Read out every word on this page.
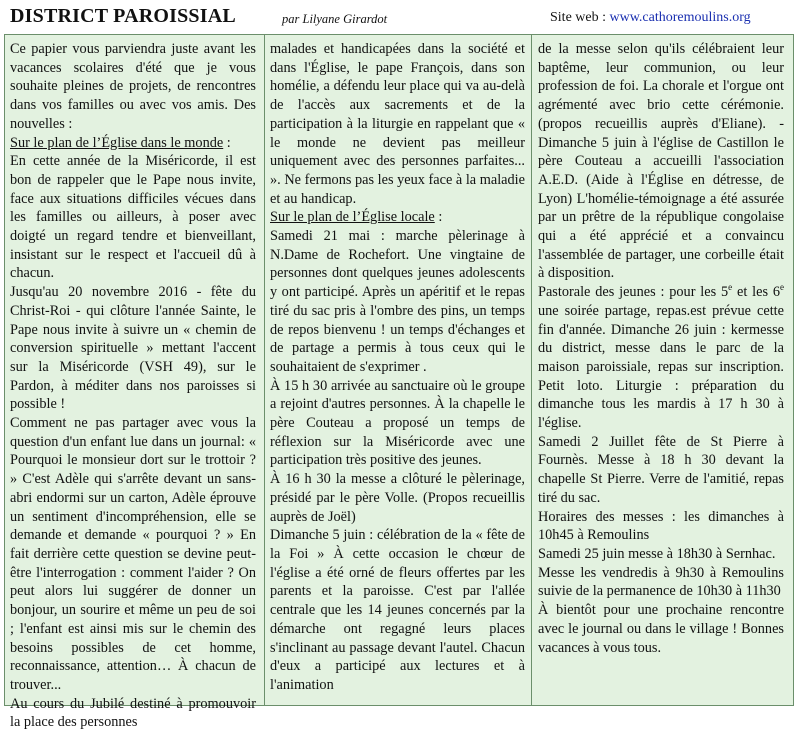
DISTRICT PAROISSIAL	par Lilyane Girardot	Site web : www.cathoremoulins.org

Ce papier vous parviendra juste avant les vacances scolaires d'été que je vous souhaite pleines de projets, de rencontres dans vos familles ou avec vos amis. Des nouvelles :

Sur le plan de l’Église dans le monde :

En cette année de la Miséricorde, il est bon de rappeler que le Pape nous invite, face aux situations difficiles vécues dans les familles ou ailleurs, à poser avec doigté un regard tendre et bienveillant, insistant sur le respect et l'accueil dû à chacun.

Jusqu'au 20 novembre 2016 - fête du Christ-Roi - qui clôture l'année Sainte, le Pape nous invite à suivre un « chemin de conversion spirituelle » mettant l'accent sur la Miséricorde (VSH 49), sur le Pardon, à méditer dans nos paroisses si possible !

Comment ne pas partager avec vous la question d'un enfant lue dans un journal: « Pourquoi le monsieur dort sur le trottoir ? » C'est Adèle qui s'arrête devant un sans-abri endormi sur un carton, Adèle éprouve un sentiment d'incompréhension, elle se demande et demande « pourquoi ? » En fait derrière cette question se devine peut-être l'interrogation : comment l'aider ? On peut alors lui suggérer de donner un bonjour, un sourire et même un peu de soi ; l'enfant est ainsi mis sur le chemin des besoins possibles de cet homme, reconnaissance, attention… À chacun de trouver...

Au cours du Jubilé destiné à promouvoir la place des personnes

malades et handicapées dans la société et dans l'Église, le pape François, dans son homélie, a défendu leur place qui va au-delà de l'accès aux sacrements et de la participation à la liturgie en rappelant que « le monde ne devient pas meilleur uniquement avec des personnes parfaites... ». Ne fermons pas les yeux face à la maladie et au handicap.

Sur le plan de l’Église locale :

Samedi 21 mai : marche pèlerinage à N.Dame de Rochefort. Une vingtaine de personnes dont quelques jeunes adolescents y ont participé. Après un apéritif et le repas tiré du sac pris à l'ombre des pins, un temps de repos bienvenu ! un temps d'échanges et de partage a permis à tous ceux qui le souhaitaient de s'exprimer .

À 15 h 30 arrivée au sanctuaire où le groupe a rejoint d'autres personnes. À la chapelle le père Couteau a proposé un temps de réflexion sur la Miséricorde avec une participation très positive des jeunes.

À 16 h 30 la messe a clôturé le pèlerinage, présidé par le père Volle. (Propos recueillis auprès de Joël)

Dimanche 5 juin : célébration de la « fête de la Foi » À cette occasion le chœur de l'église a été orné de fleurs offertes par les parents et la paroisse. C'est par l'allée centrale que les 14 jeunes concernés par la démarche ont regagné leurs places s'inclinant au passage devant l'autel. Chacun d'eux a participé aux lectures et à l'animation

de la messe selon qu'ils célébraient leur baptême, leur communion, ou leur profession de foi. La chorale et l'orgue ont agrémenté avec brio cette cérémonie. (propos recueillis auprès d'Eliane). - Dimanche 5 juin à l'église de Castillon le père Couteau a accueilli l'association A.E.D. (Aide à l'Église en détresse, de Lyon) L'homélie-témoignage a été assurée par un prêtre de la république congolaise qui a été apprécié et a convaincu l'assemblée de partager, une corbeille était à disposition.

Pastorale des jeunes : pour les 5e et les 6e une soirée partage, repas.est prévue cette fin d'année. Dimanche 26 juin : kermesse du district, messe dans le parc de la maison paroissiale, repas sur inscription. Petit loto. Liturgie : préparation du dimanche tous les mardis à 17 h 30 à l'église.

Samedi 2 Juillet fête de St Pierre à Fournès. Messe à 18 h 30 devant la chapelle St Pierre. Verre de l'amitié, repas tiré du sac.

Horaires des messes : les dimanches à 10h45 à Remoulins

Samedi 25 juin messe à 18h30 à Sernhac.

Messe les vendredis à 9h30 à Remoulins suivie de la permanence de 10h30 à 11h30

À bientôt pour une prochaine rencontre avec le journal ou dans le village ! Bonnes vacances à vous tous.
